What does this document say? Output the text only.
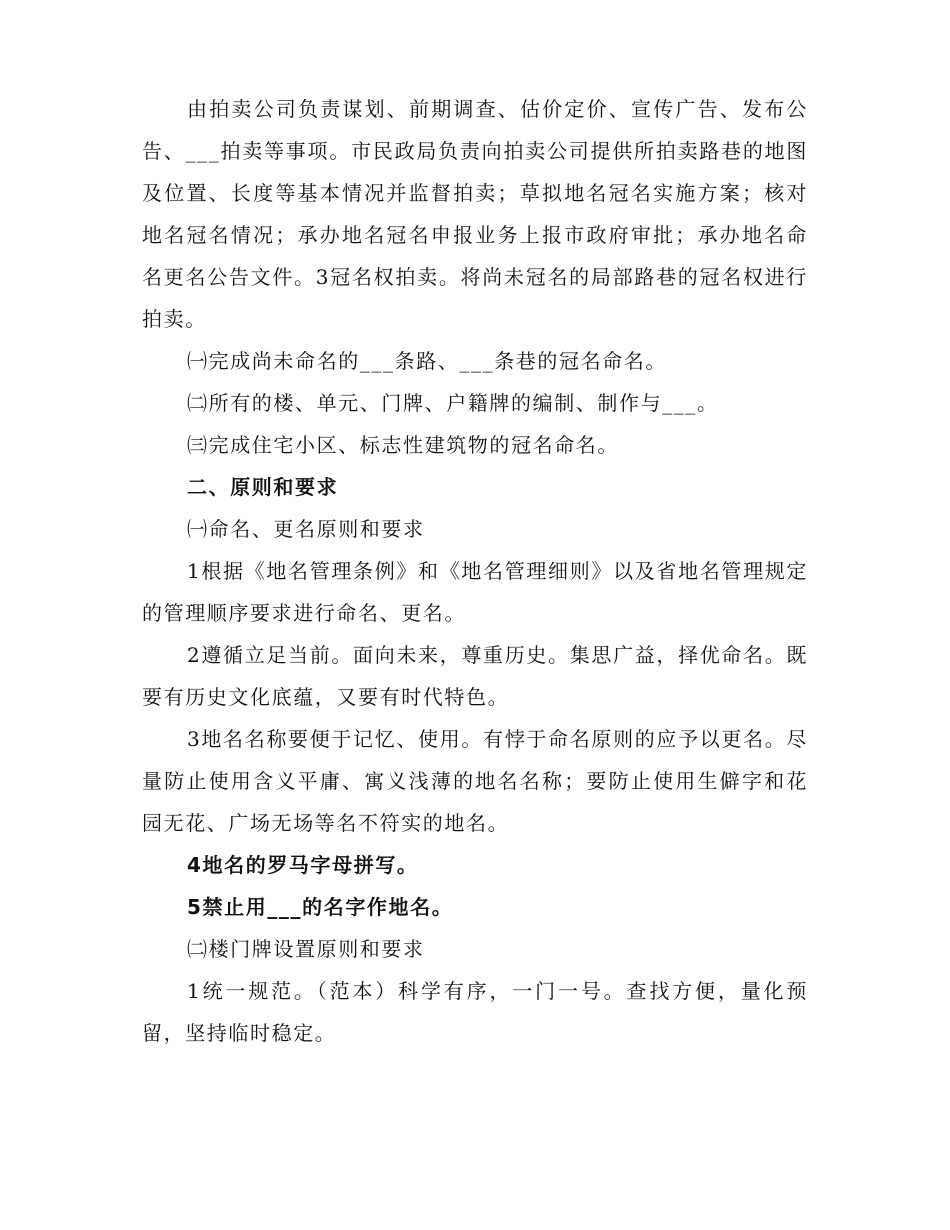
由拍卖公司负责谋划、前期调查、估价定价、宣传广告、发布公告、___拍卖等事项。市民政局负责向拍卖公司提供所拍卖路巷的地图及位置、长度等基本情况并监督拍卖；草拟地名冠名实施方案；核对地名冠名情况；承办地名冠名申报业务上报市政府审批；承办地名命名更名公告文件。3冠名权拍卖。将尚未冠名的局部路巷的冠名权进行拍卖。

㈠完成尚未命名的___条路、___条巷的冠名命名。

㈡所有的楼、单元、门牌、户籍牌的编制、制作与___。

㈢完成住宅小区、标志性建筑物的冠名命名。

二、原则和要求

㈠命名、更名原则和要求

1根据《地名管理条例》和《地名管理细则》以及省地名管理规定的管理顺序要求进行命名、更名。

2遵循立足当前。面向未来，尊重历史。集思广益，择优命名。既要有历史文化底蕴，又要有时代特色。

3地名名称要便于记忆、使用。有悖于命名原则的应予以更名。尽量防止使用含义平庸、寓义浅薄的地名名称；要防止使用生僻字和花园无花、广场无场等名不符实的地名。

4地名的罗马字母拼写。

5禁止用___的名字作地名。

㈡楼门牌设置原则和要求

1统一规范。（范本）科学有序，一门一号。查找方便，量化预留，坚持临时稳定。
